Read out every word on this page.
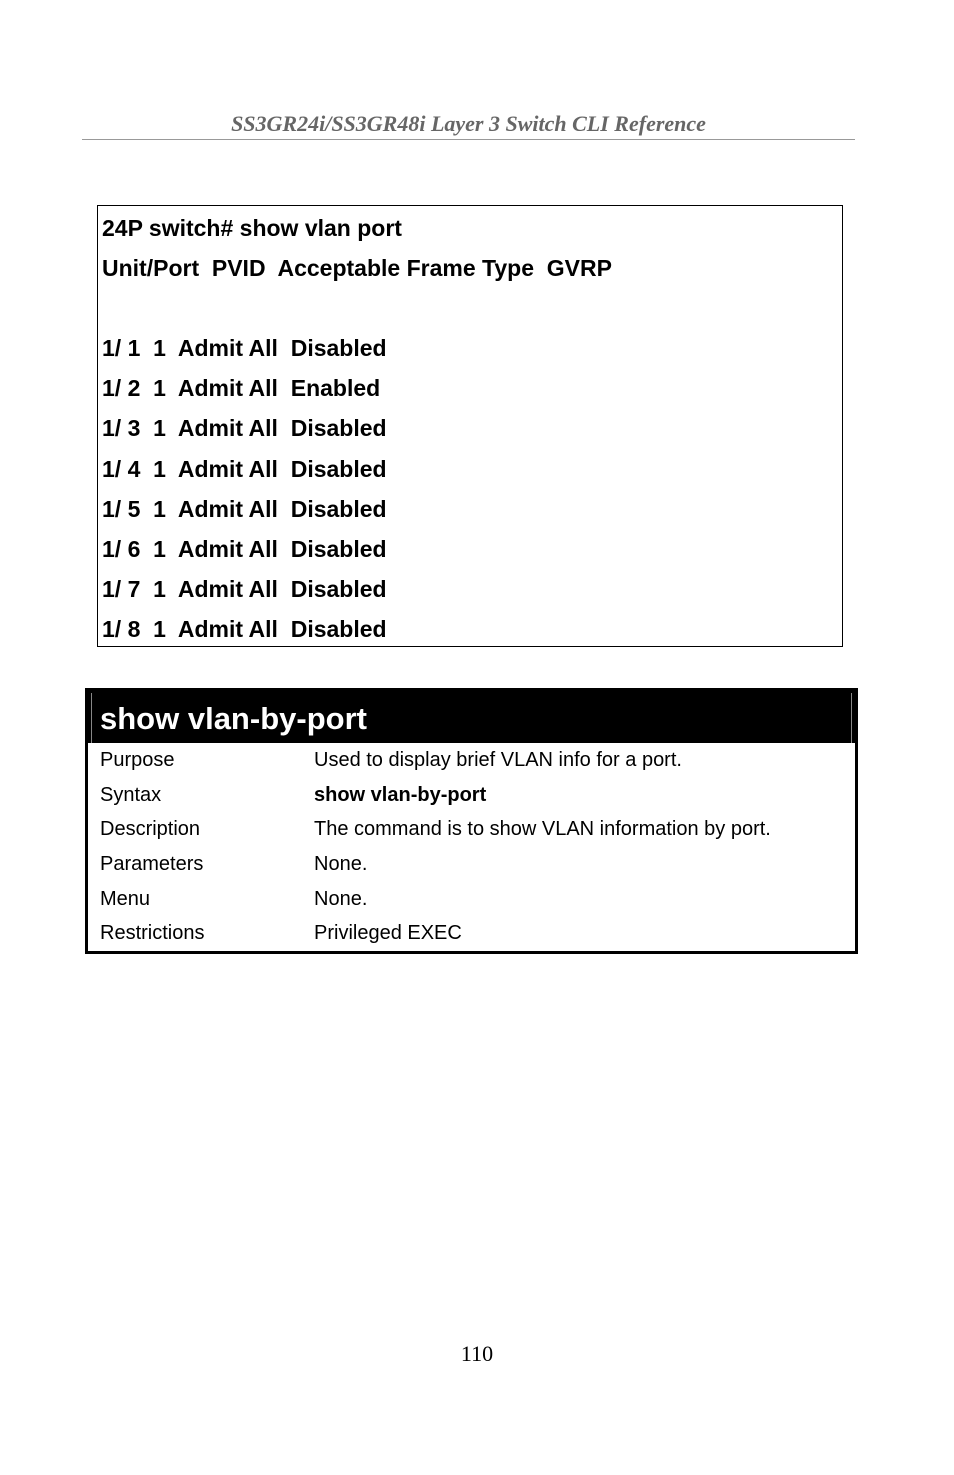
SS3GR24i/SS3GR48i Layer 3 Switch CLI Reference
24P switch# show vlan port
Unit/Port  PVID  Acceptable Frame Type  GVRP
1/ 1  1  Admit All  Disabled
1/ 2  1  Admit All  Enabled
1/ 3  1  Admit All  Disabled
1/ 4  1  Admit All  Disabled
1/ 5  1  Admit All  Disabled
1/ 6  1  Admit All  Disabled
1/ 7  1  Admit All  Disabled
1/ 8  1  Admit All  Disabled
show vlan-by-port
Purpose	Used to display brief VLAN info for a port.
Syntax	show vlan-by-port
Description	The command is to show VLAN information by port.
Parameters	None.
Menu	None.
Restrictions	Privileged EXEC
110
